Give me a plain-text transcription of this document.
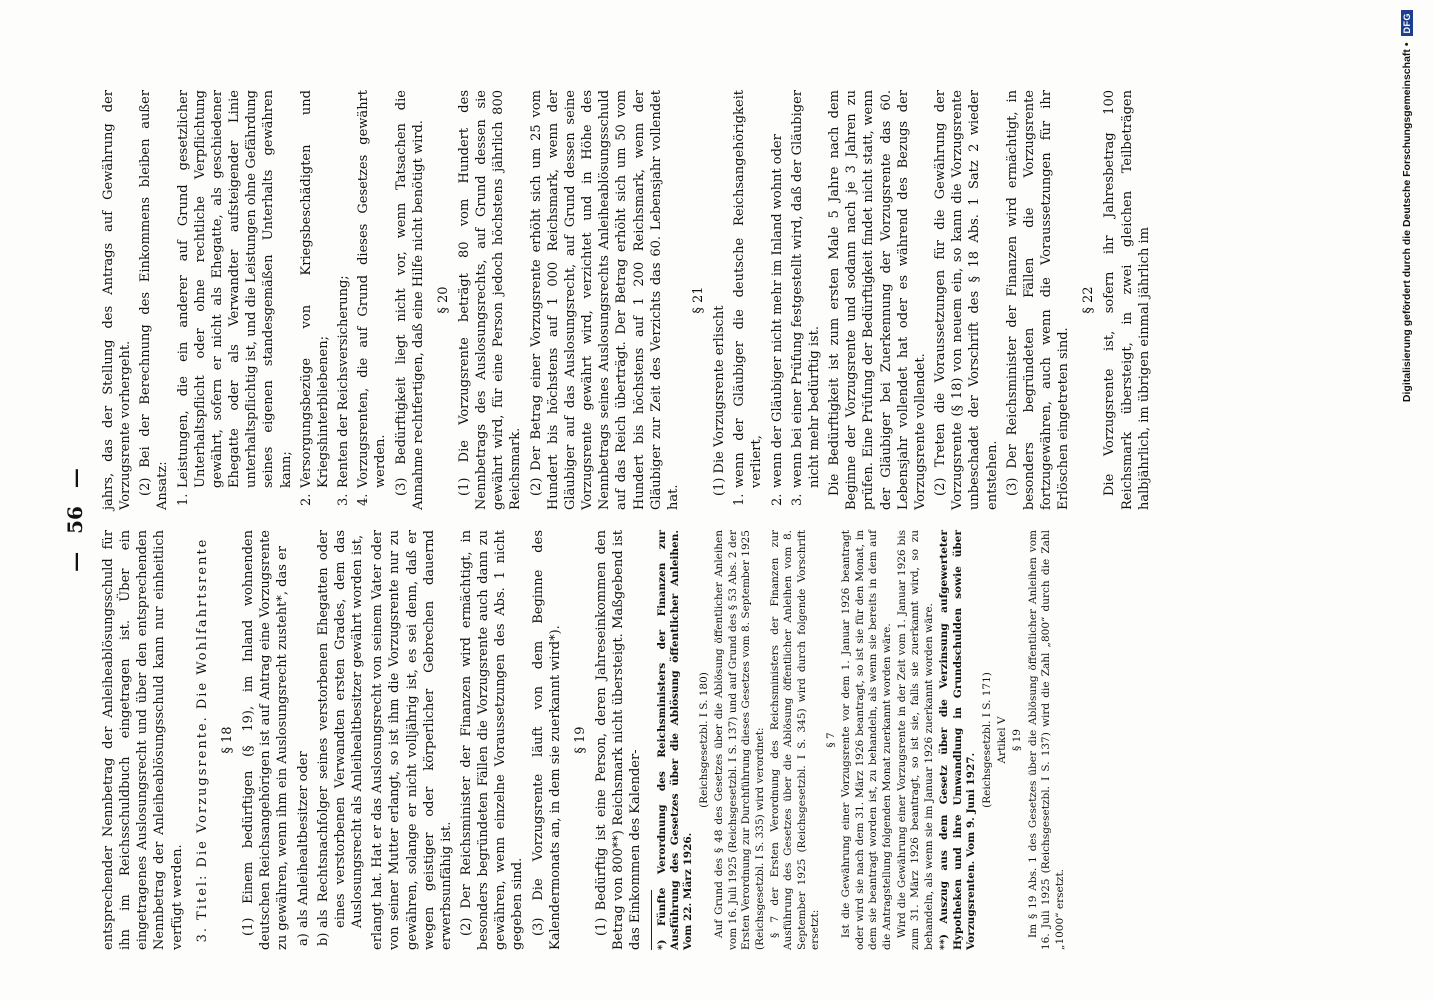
—
56
—

entsprechender Nennbetrag der Anleiheablösungsschuld für ihn im Reichsschuldbuch eingetragen ist. Über ein eingetragenes Auslosungsrecht und über den entsprechenden Nennbetrag der Anleiheablösungsschuld kann nur einheitlich verfügt werden. 3. Titel: Die Vorzugsrente. Die Wohlfahrtsrente § 18 (1) Einem bedürftigen (§ 19), im Inland wohnenden deutschen Reichsangehörigen ist auf Antrag eine Vorzugsrente zu gewähren, wenn ihm ein Auslosungsrecht zusteht*, das er a)
als Anleihealtbesitzer oder

b)
als Rechtsnachfolger seines verstorbenen Ehegatten oder eines verstorbenen Verwandten ersten Grades, dem das Auslosungsrecht als Anleihealtbesitzer gewährt worden ist, erlangt hat. Hat er das Auslosungsrecht von seinem Vater oder von seiner Mutter erlangt, so ist ihm die Vorzugsrente nur zu gewähren, solange er nicht volljährig ist, es sei denn, daß er wegen geistiger oder körperlicher Gebrechen dauernd erwerbsunfähig ist. (2) Der Reichsminister der Finanzen wird ermächtigt, in besonders begründeten Fällen die Vorzugsrente auch dann zu gewähren, wenn einzelne Voraussetzungen des Abs. 1 nicht gegeben sind. (3) Die Vorzugsrente läuft von dem Beginne des Kalendermonats an, in dem sie zuerkannt wird*). § 19 (1) Bedürftig ist eine Person, deren Jahreseinkommen den Betrag von 800**) Reichsmark nicht übersteigt. Maßgebend ist das Einkommen des Kalender- *) Fünfte Verordnung des Reichsministers der Finanzen zur Ausführung des Gesetzes über die Ablösung öffentlicher Anleihen. Vom 22. März 1926.

(Reichsgesetzbl. I S. 180) Auf Grund des § 48 des Gesetzes über die Ablösung öffentlicher Anleihen vom 16. Juli 1925 (Reichsgesetzbl. I S. 137) und auf Grund des § 53 Abs. 2 der Ersten Verordnung zur Durchführung dieses Gesetzes vom 8. September 1925 (Reichsgesetzbl. I S. 335) wird verordnet: § 7 der Ersten Verordnung des Reichsministers der Finanzen zur Ausführung des Gesetzes über die Ablösung öffentlicher Anleihen vom 8. September 1925 (Reichsgesetzbl. I S. 345) wird durch folgende Vorschrift ersetzt:

§ 7 Ist die Gewährung einer Vorzugsrente vor dem 1. Januar 1926 beantragt oder wird sie nach dem 31. März 1926 beantragt, so ist sie für den Monat, in dem sie beantragt worden ist, zu behandeln, als wenn sie bereits in dem auf die Antragstellung folgenden Monat zuerkannt worden wäre. Wird die Gewährung einer Vorzugsrente in der Zeit vom 1. Januar 1926 bis zum 31. März 1926 beantragt, so ist sie, falls sie zuerkannt wird, so zu behandeln, als wenn sie im Januar 1926 zuerkannt worden wäre. **) Auszug aus dem Gesetz über die Verzinsung aufgewerteter Hypotheken und ihre Umwandlung in Grundschulden sowie über Vorzugsrenten. Vom 9. Juni 1927.

(Reichsgesetzbl. I S. 171) Artikel V § 19 Im § 19 Abs. 1 des Gesetzes über die Ablösung öffentlicher Anleihen vom 16. Juli 1925 (Reichsgesetzbl. I S. 137) wird die Zahl „800“ durch die Zahl „1000“ ersetzt.

jahrs, das der Stellung des Antrags auf Gewährung der Vorzugsrente vorhergeht. (2) Bei der Berechnung des Einkommens bleiben außer Ansatz: 1.
Leistungen, die ein anderer auf Grund gesetzlicher Unterhaltspflicht oder ohne rechtliche Verpflichtung gewährt, sofern er nicht als Ehegatte, als geschiedener Ehegatte oder als Verwandter aufsteigender Linie unterhaltspflichtig ist, und die Leistungen ohne Gefährdung seines eigenen standesgemäßen Unterhalts gewähren kann;

2.
Versorgungsbezüge von Kriegsbeschädigten und Kriegshinterbliebenen;

3.
Renten der Reichsversicherung;

4.
Vorzugsrenten, die auf Grund dieses Gesetzes gewährt werden. (3) Bedürftigkeit liegt nicht vor, wenn Tatsachen die Annahme rechtfertigen, daß eine Hilfe nicht benötigt wird. § 20 (1) Die Vorzugsrente beträgt 80 vom Hundert des Nennbetrags des Auslosungsrechts, auf Grund dessen sie gewährt wird, für eine Person jedoch höchstens jährlich 800 Reichsmark. (2) Der Betrag einer Vorzugsrente erhöht sich um 25 vom Hundert bis höchstens auf 1 000 Reichsmark, wenn der Gläubiger auf das Auslosungsrecht, auf Grund dessen seine Vorzugsrente gewährt wird, verzichtet und in Höhe des Nennbetrags seines Auslosungsrechts Anleiheablösungsschuld auf das Reich überträgt. Der Betrag erhöht sich um 50 vom Hundert bis höchstens auf 1 200 Reichsmark, wenn der Gläubiger zur Zeit des Verzichts das 60. Lebensjahr vollendet hat.

§ 21

(1) Die Vorzugsrente erlischt

1.
wenn der Gläubiger die deutsche Reichsangehörigkeit verliert,

2.
wenn der Gläubiger nicht mehr im Inland wohnt oder

3.
wenn bei einer Prüfung festgestellt wird, daß der Gläubiger nicht mehr bedürftig ist. Die Bedürftigkeit ist zum ersten Male 5 Jahre nach dem Beginne der Vorzugsrente und sodann nach je 3 Jahren zu prüfen. Eine Prüfung der Bedürftigkeit findet nicht statt, wenn der Gläubiger bei Zuerkennung der Vorzugsrente das 60. Lebensjahr vollendet hat oder es während des Bezugs der Vorzugsrente vollendet. (2) Treten die Voraussetzungen für die Gewährung der Vorzugsrente (§ 18) von neuem ein, so kann die Vorzugsrente unbeschadet der Vorschrift des § 18 Abs. 1 Satz 2 wieder entstehen. (3) Der Reichsminister der Finanzen wird ermächtigt, in besonders begründeten Fällen die Vorzugsrente fortzugewähren, auch wenn die Voraussetzungen für ihr Erlöschen eingetreten sind.

§ 22 Die Vorzugsrente ist, sofern ihr Jahresbetrag 100 Reichsmark übersteigt, in zwei gleichen Teilbeträgen halbjährlich, im übrigen einmal jährlich im	Digitalisierung gefördert durch die Deutsche Forschungsgemeinschaft •
DFG
